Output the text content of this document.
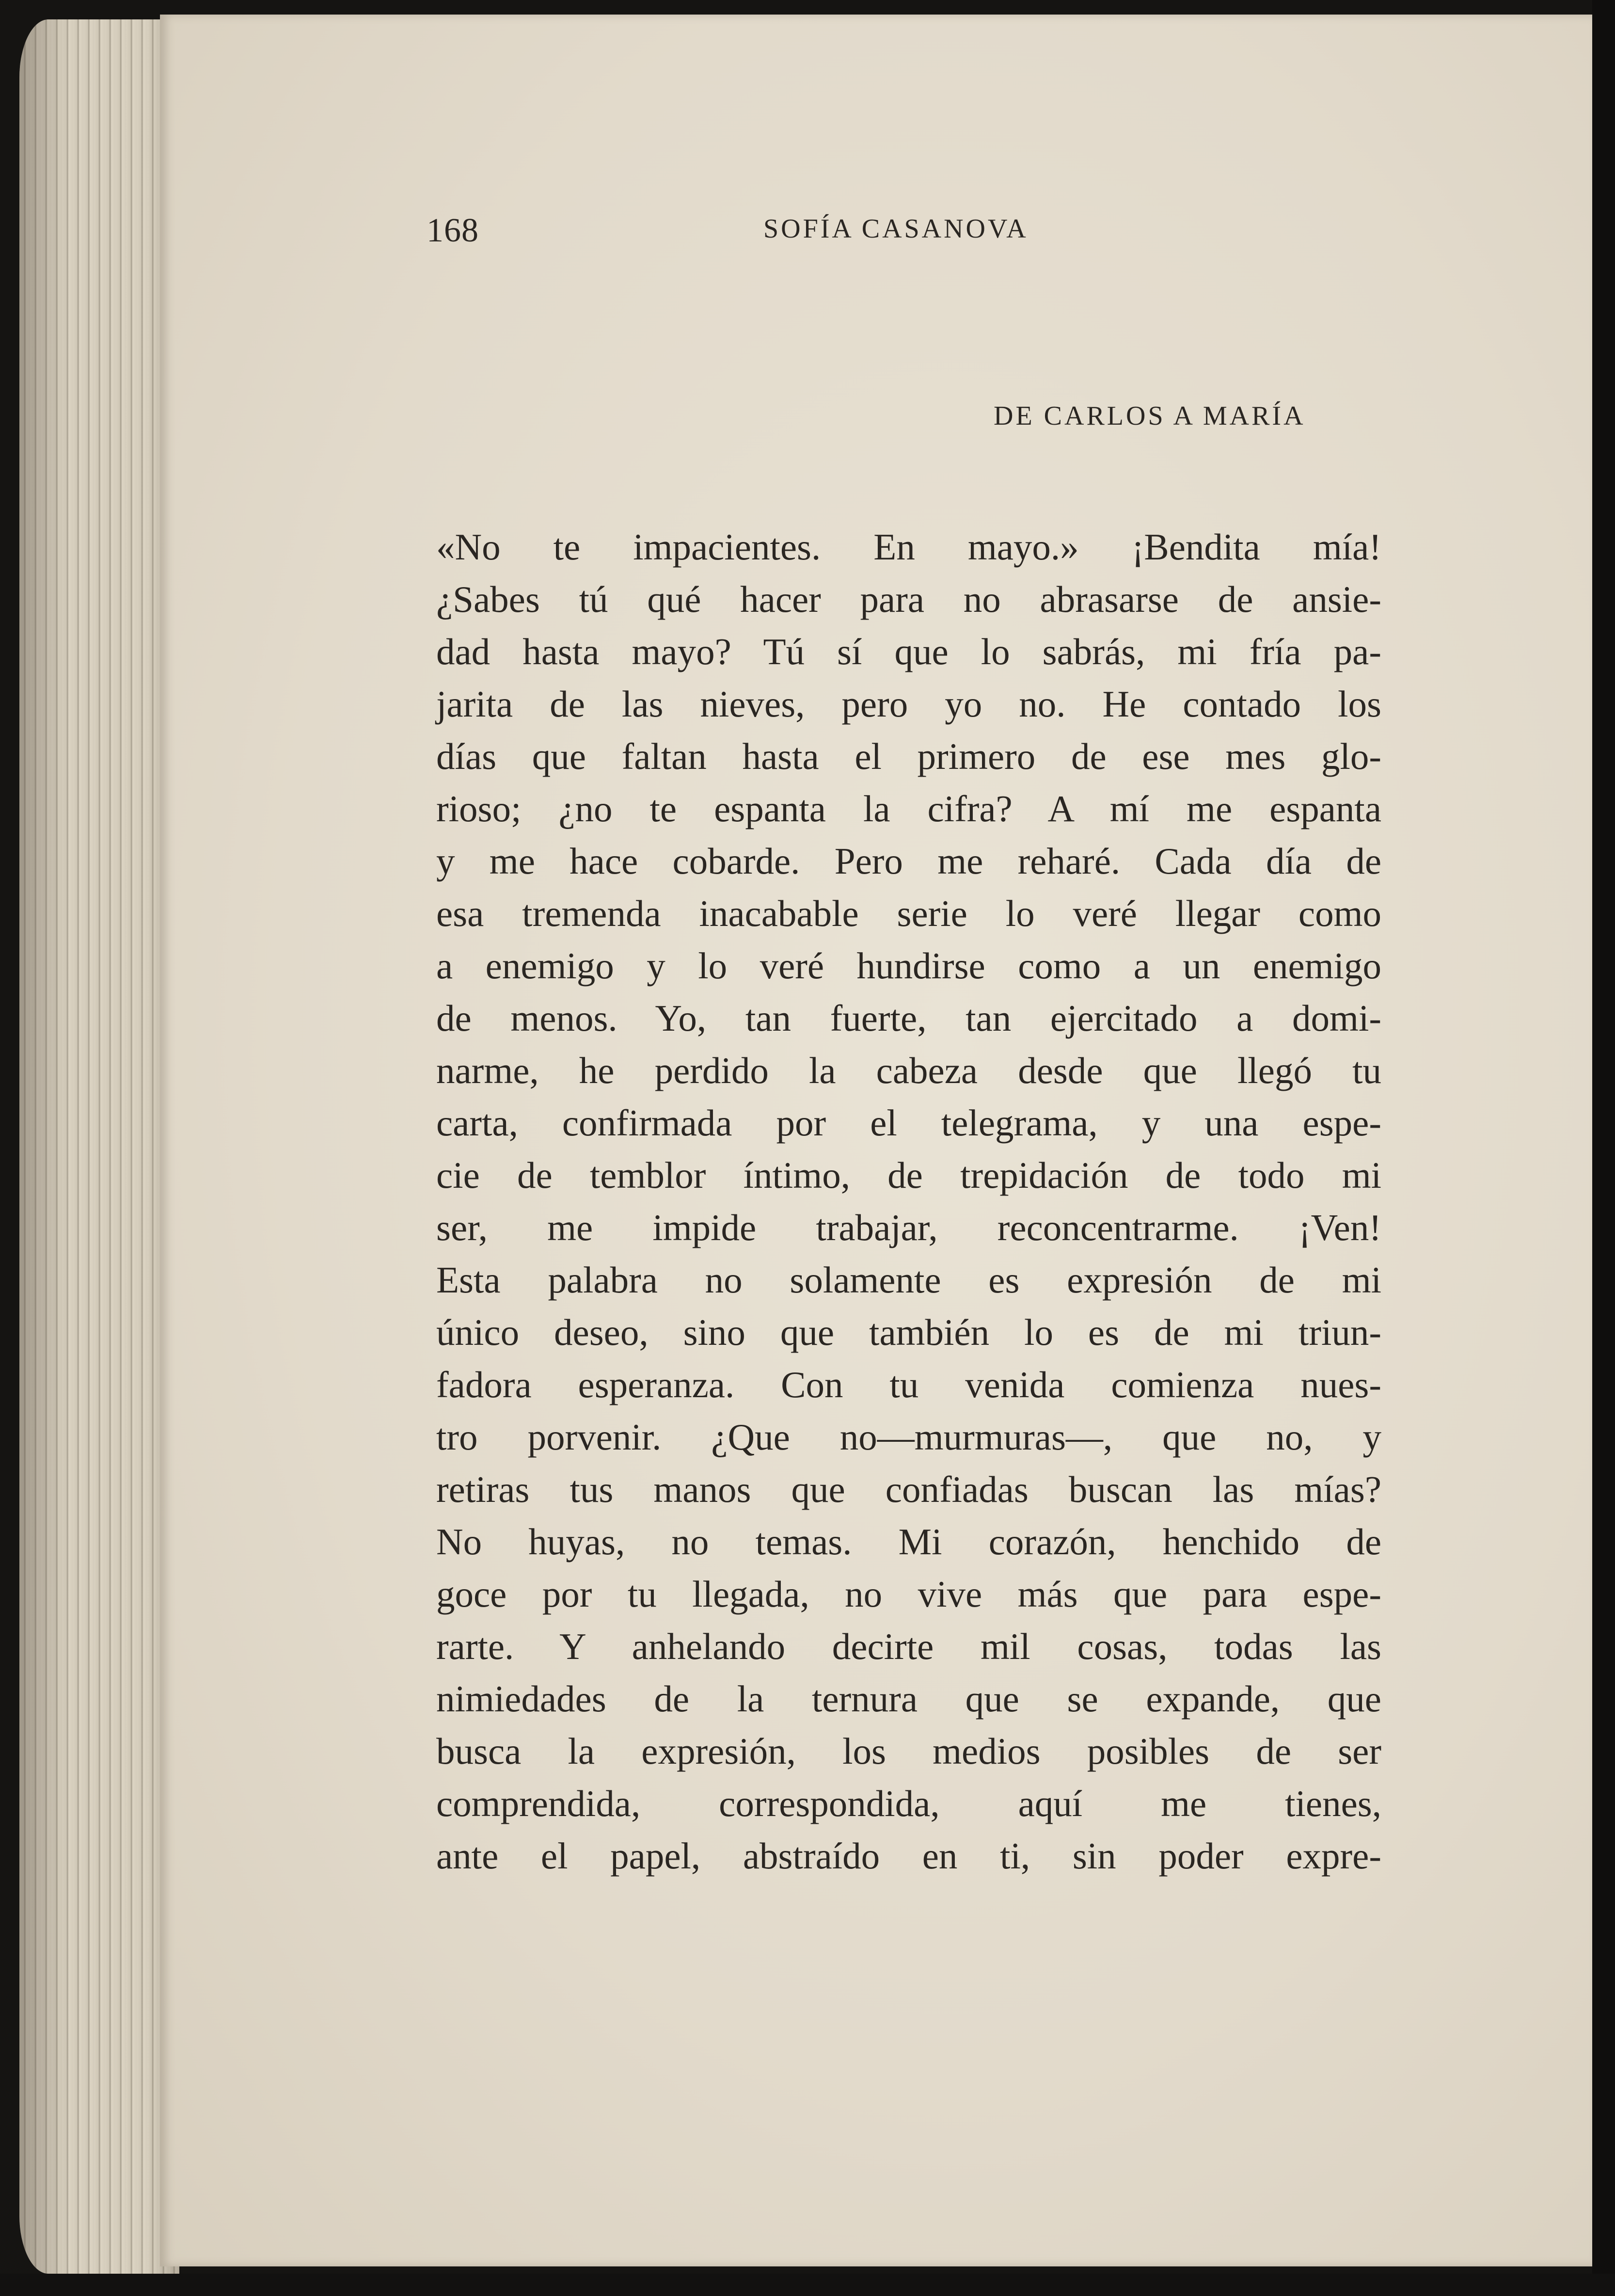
168	SOFÍA CASANOVA
DE CARLOS A MARÍA
«No te impacientes. En mayo.» ¡Bendita mía!
¿Sabes tú qué hacer para no abrasarse de ansie-
dad hasta mayo? Tú sí que lo sabrás, mi fría pa-
jarita de las nieves, pero yo no. He contado los
días que faltan hasta el primero de ese mes glo-
rioso; ¿no te espanta la cifra? A mí me espanta
y me hace cobarde. Pero me reharé. Cada día de
esa tremenda inacabable serie lo veré llegar como
a enemigo y lo veré hundirse como a un enemigo
de menos. Yo, tan fuerte, tan ejercitado a domi-
narme, he perdido la cabeza desde que llegó tu
carta, confirmada por el telegrama, y una espe-
cie de temblor íntimo, de trepidación de todo mi
ser, me impide trabajar, reconcentrarme. ¡Ven!
Esta palabra no solamente es expresión de mi
único deseo, sino que también lo es de mi triun-
fadora esperanza. Con tu venida comienza nues-
tro porvenir. ¿Que no—murmuras—, que no, y
retiras tus manos que confiadas buscan las mías?
No huyas, no temas. Mi corazón, henchido de
goce por tu llegada, no vive más que para espe-
rarte. Y anhelando decirte mil cosas, todas las
nimiedades de la ternura que se expande, que
busca la expresión, los medios posibles de ser
comprendida, correspondida, aquí me tienes,
ante el papel, abstraído en ti, sin poder expre-
